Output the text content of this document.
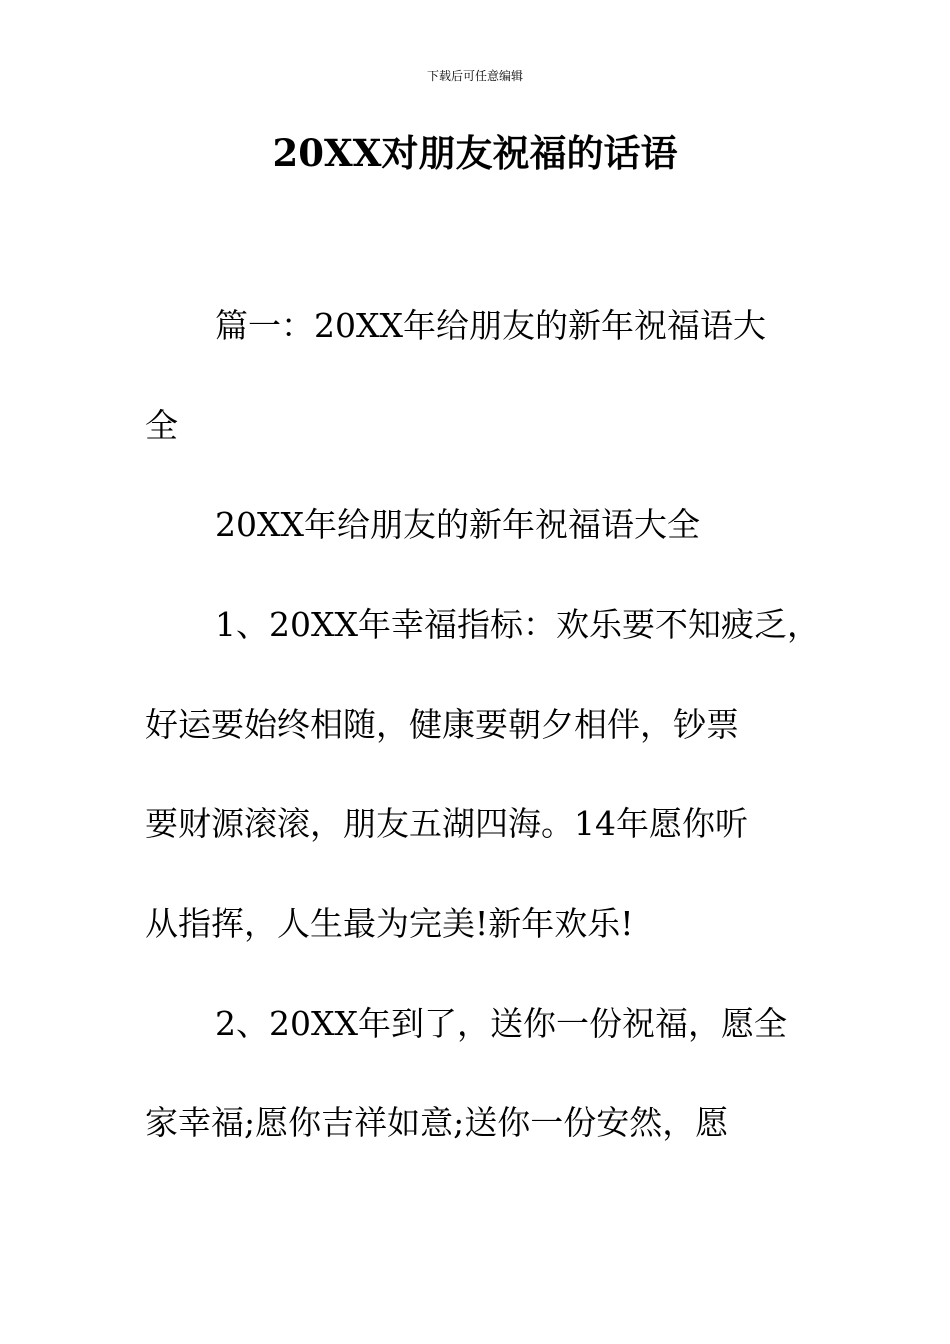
下载后可任意编辑
20XX对朋友祝福的话语
篇一：20XX年给朋友的新年祝福语大
全
20XX年给朋友的新年祝福语大全
1、20XX年幸福指标：欢乐要不知疲乏，
好运要始终相随，健康要朝夕相伴，钞票
要财源滚滚，朋友五湖四海。14年愿你听
从指挥，人生最为完美!新年欢乐!
2、20XX年到了，送你一份祝福，愿全
家幸福;愿你吉祥如意;送你一份安然，愿
